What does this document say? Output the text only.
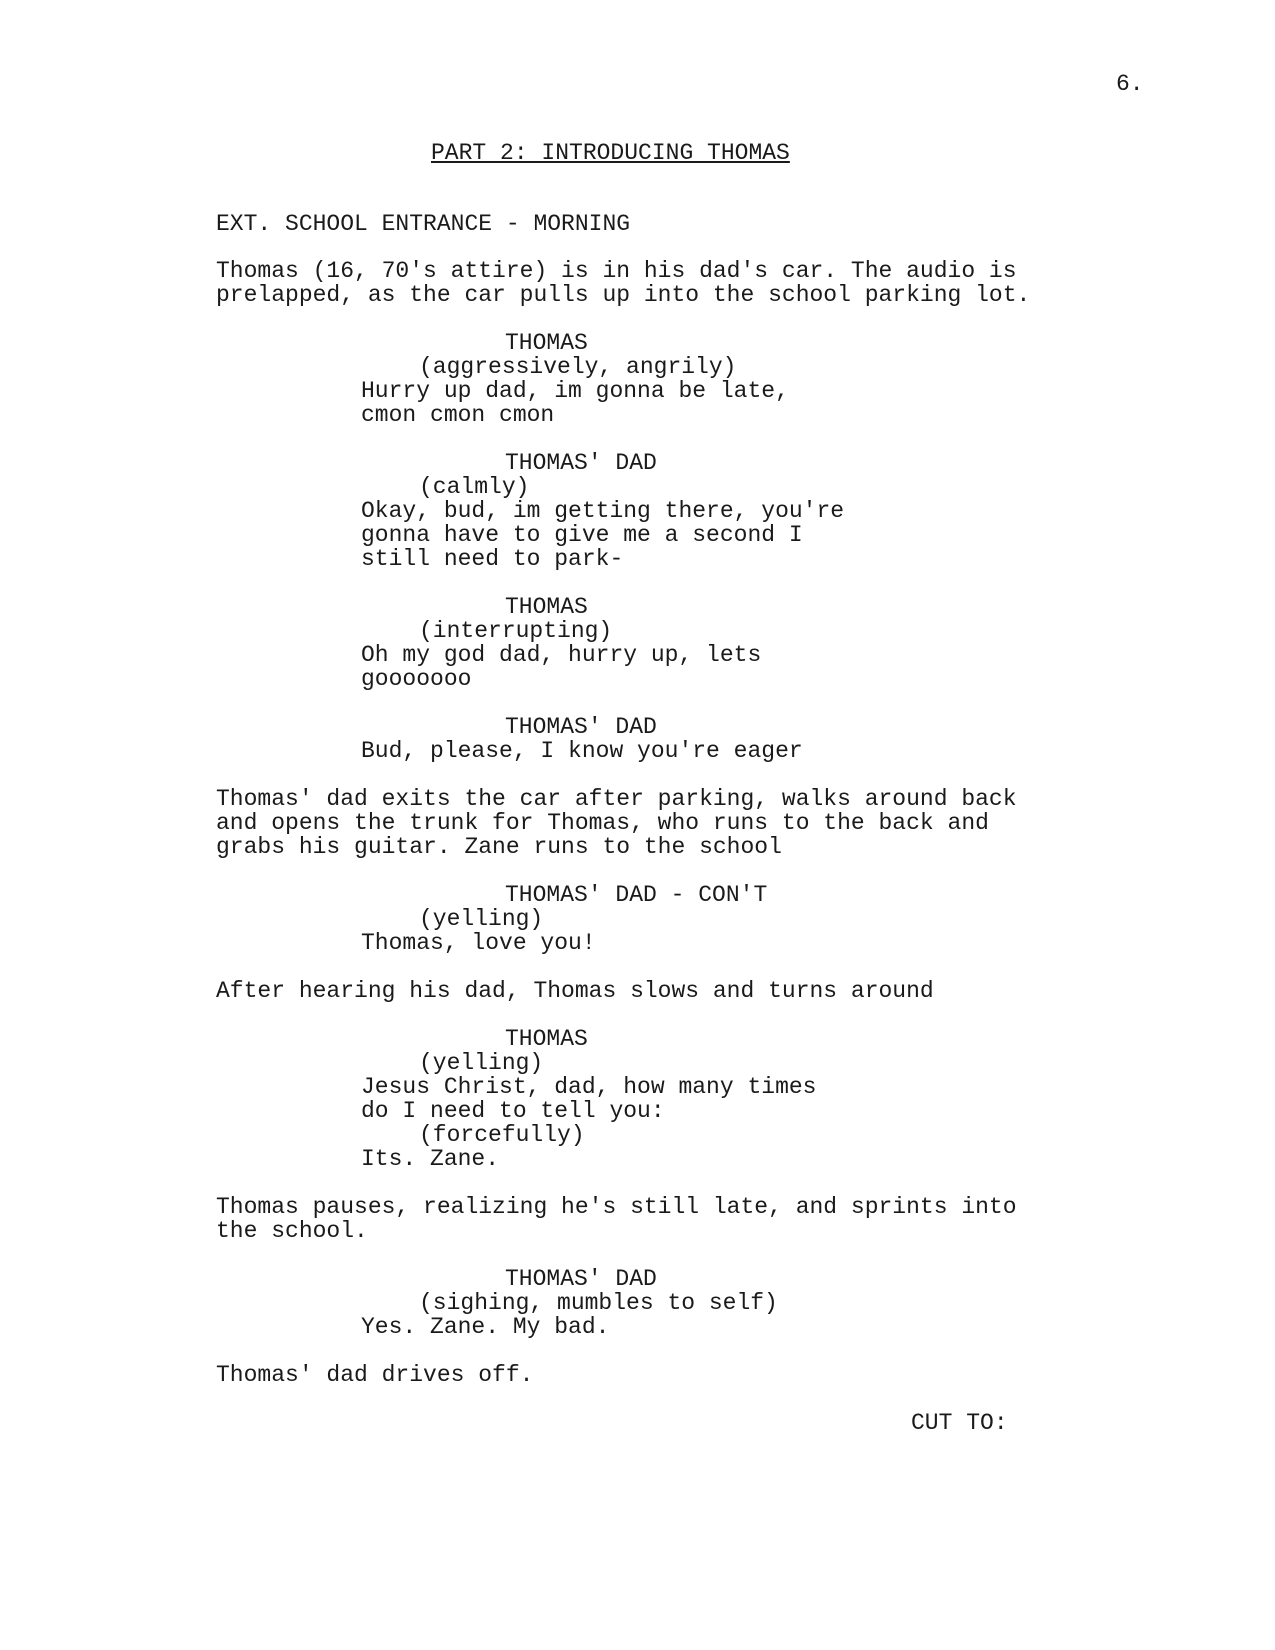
6.
PART 2: INTRODUCING THOMAS
EXT. SCHOOL ENTRANCE - MORNING
Thomas (16, 70's attire) is in his dad's car. The audio is
prelapped, as the car pulls up into the school parking lot.
THOMAS
(aggressively, angrily)
Hurry up dad, im gonna be late,
cmon cmon cmon
THOMAS' DAD
(calmly)
Okay, bud, im getting there, you're
gonna have to give me a second I
still need to park-
THOMAS
(interrupting)
Oh my god dad, hurry up, lets
gooooooo
THOMAS' DAD
Bud, please, I know you're eager
Thomas' dad exits the car after parking, walks around back
and opens the trunk for Thomas, who runs to the back and
grabs his guitar. Zane runs to the school
THOMAS' DAD - CON'T
(yelling)
Thomas, love you!
After hearing his dad, Thomas slows and turns around
THOMAS
(yelling)
Jesus Christ, dad, how many times
do I need to tell you:
(forcefully)
Its. Zane.
Thomas pauses, realizing he's still late, and sprints into
the school.
THOMAS' DAD
(sighing, mumbles to self)
Yes. Zane. My bad.
Thomas' dad drives off.
CUT TO:
